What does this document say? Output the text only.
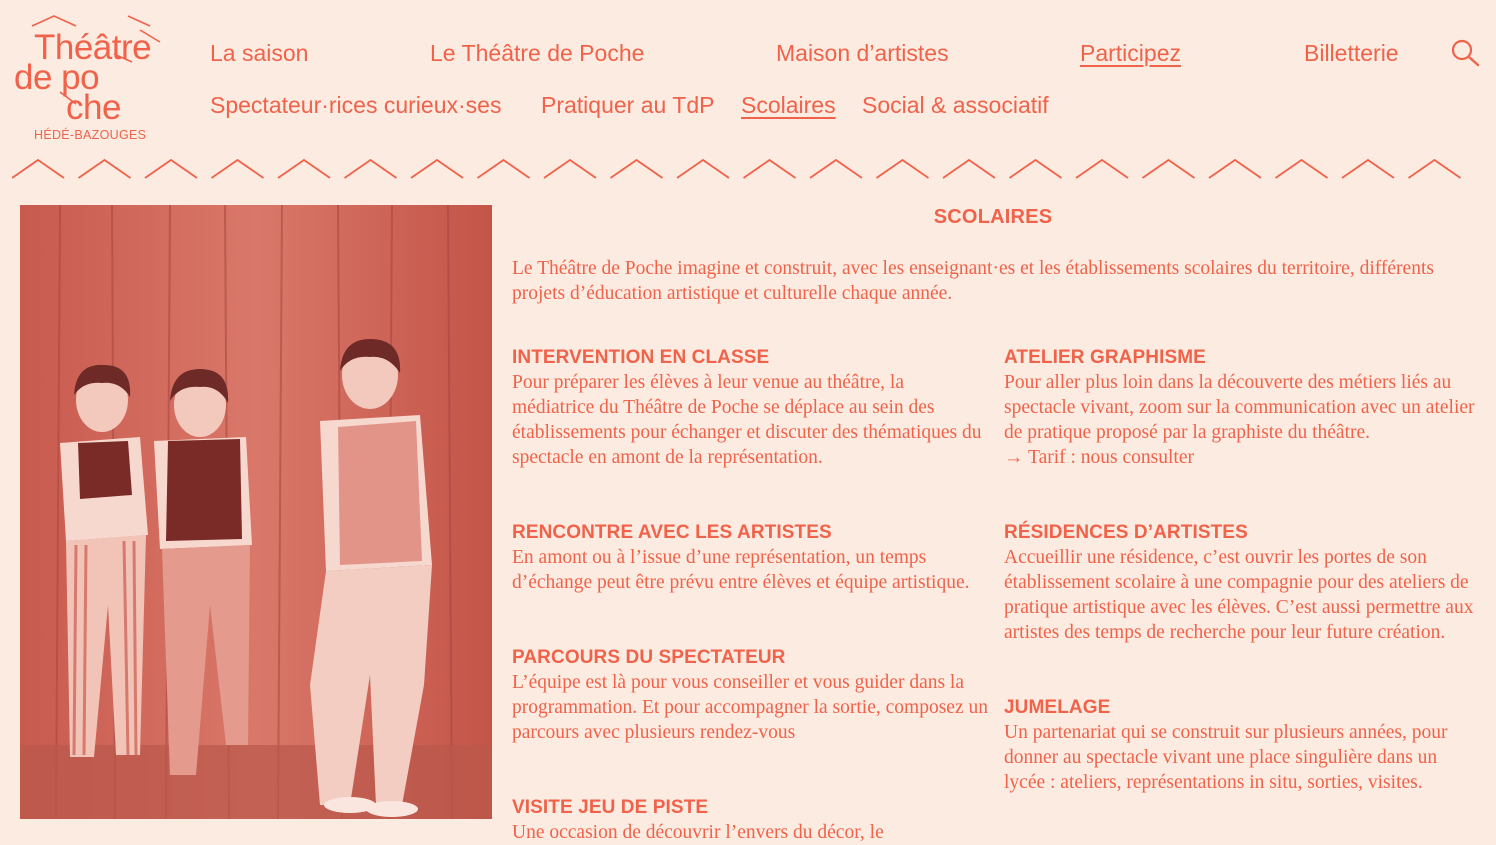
Théâtre
de po
che
HÉDÉ-BAZOUGES
La saison	Le Théâtre de Poche	Maison d’artistes	Participez	Billetterie
Spectateur·rices curieux·ses Pratiquer au TdP Scolaires Social & associatif
SCOLAIRES

Le Théâtre de Poche imagine et construit, avec les enseignant·es et les établissements scolaires du territoire, différents projets d’éducation artistique et culturelle chaque année.

INTERVENTION EN CLASSE

Pour préparer les élèves à leur venue au théâtre, la médiatrice du Théâtre de Poche se déplace au sein des établissements pour échanger et discuter des thématiques du spectacle en amont de la représentation.

RENCONTRE AVEC LES ARTISTES

En amont ou à l’issue d’une représentation, un temps d’échange peut être prévu entre élèves et équipe artistique.

PARCOURS DU SPECTATEUR

L’équipe est là pour vous conseiller et vous guider dans la programmation. Et pour accompagner la sortie, composez un parcours avec plusieurs rendez-vous

VISITE JEU DE PISTE

Une occasion de découvrir l’envers du décor, le

ATELIER GRAPHISME

Pour aller plus loin dans la découverte des métiers liés au spectacle vivant, zoom sur la communication avec un atelier de pratique proposé par la graphiste du théâtre.

→ Tarif : nous consulter

RÉSIDENCES D’ARTISTES

Accueillir une résidence, c’est ouvrir les portes de son établissement scolaire à une compagnie pour des ateliers de pratique artistique avec les élèves. C’est aussi permettre aux artistes des temps de recherche pour leur future création.

JUMELAGE

Un partenariat qui se construit sur plusieurs années, pour donner au spectacle vivant une place singulière dans un lycée : ateliers, représentations in situ, sorties, visites.
